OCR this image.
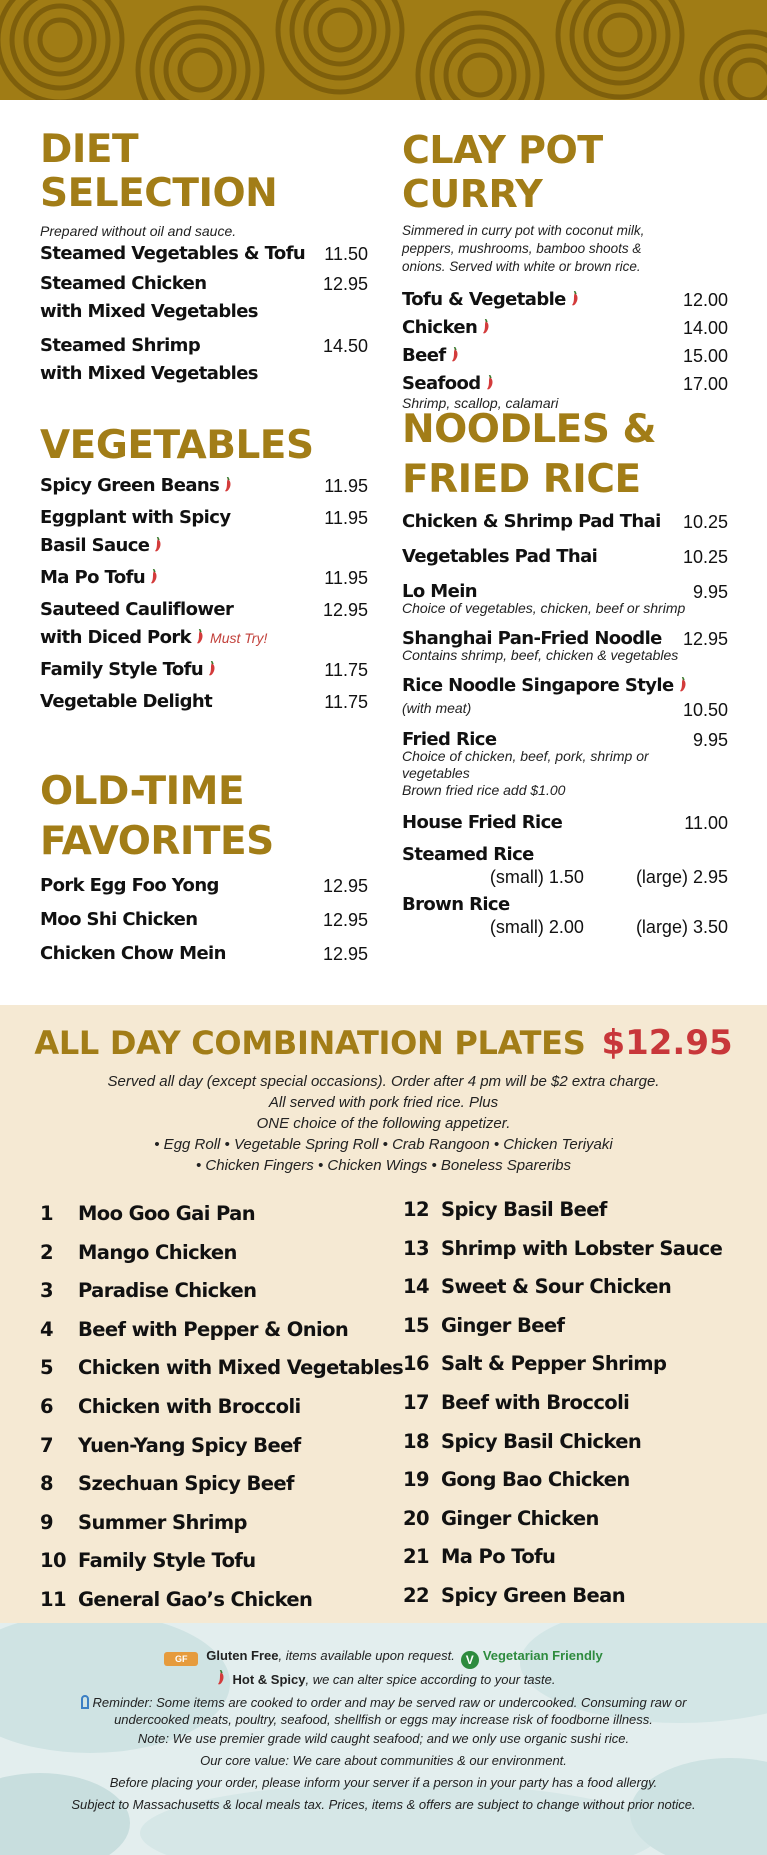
DIET
SELECTION
Prepared without oil and sauce.
Steamed Vegetables & Tofu 11.50
Steamed Chicken
with Mixed Vegetables
12.95
Steamed Shrimp
with Mixed Vegetables
14.50
VEGETABLES
Spicy Green Beans	11.95
Eggplant with Spicy
Basil Sauce
11.95
Ma Po Tofu	11.95
Sauteed Cauliflower
with Diced Pork Must Try!
12.95
Family Style Tofu	11.75
Vegetable Delight	11.75
OLD-TIME
FAVORITES
Pork Egg Foo Yong	12.95
Moo Shi Chicken	12.95
Chicken Chow Mein	12.95
CLAY POT CURRY
Simmered in curry pot with coconut milk,
peppers, mushrooms, bamboo shoots &
onions. Served with white or brown rice.
Tofu & Vegetable	12.00
Chicken	14.00
Beef	15.00
Seafood	17.00
Shrimp, scallop, calamari
NOODLES &
FRIED RICE
Chicken & Shrimp Pad Thai 10.25
Vegetables Pad Thai	10.25
Lo Mein	9.95
Choice of vegetables, chicken, beef or shrimp
Shanghai Pan-Fried Noodle 12.95
Contains shrimp, beef, chicken & vegetables
Rice Noodle Singapore Style
(with meat)	10.50
Fried Rice	9.95
Choice of chicken, beef, pork, shrimp or
vegetables
Brown fried rice add $1.00
House Fried Rice	11.00
Steamed Rice
(small) 1.50	(large) 2.95
Brown Rice
(small) 2.00	(large) 3.50
ALL DAY COMBINATION PLATES $12.95
Served all day (except special occasions). Order after 4 pm will be $2 extra charge.
All served with pork fried rice. Plus
ONE choice of the following appetizer.
• Egg Roll • Vegetable Spring Roll • Crab Rangoon • Chicken Teriyaki
• Chicken Fingers • Chicken Wings • Boneless Spareribs
1	Moo Goo Gai Pan
2	Mango Chicken
3	Paradise Chicken
4	Beef with Pepper & Onion
5	Chicken with Mixed Vegetables
6	Chicken with Broccoli
7	Yuen-Yang Spicy Beef
8	Szechuan Spicy Beef
9	Summer Shrimp
10 Family Style Tofu
11 General Gao’s Chicken
12 Spicy Basil Beef
13 Shrimp with Lobster Sauce
14 Sweet & Sour Chicken
15 Ginger Beef
16 Salt & Pepper Shrimp
17 Beef with Broccoli
18 Spicy Basil Chicken
19 Gong Bao Chicken
20 Ginger Chicken
21 Ma Po Tofu
22 Spicy Green Bean
GF Gluten Free, items available upon request. V Vegetarian Friendly
Hot & Spicy, we can alter spice according to your taste.
Reminder: Some items are cooked to order and may be served raw or undercooked. Consuming raw or
undercooked meats, poultry, seafood, shellfish or eggs may increase risk of foodborne illness.
Note: We use premier grade wild caught seafood; and we only use organic sushi rice.
Our core value: We care about communities & our environment.
Before placing your order, please inform your server if a person in your party has a food allergy.
Subject to Massachusetts & local meals tax. Prices, items & offers are subject to change without prior notice.
